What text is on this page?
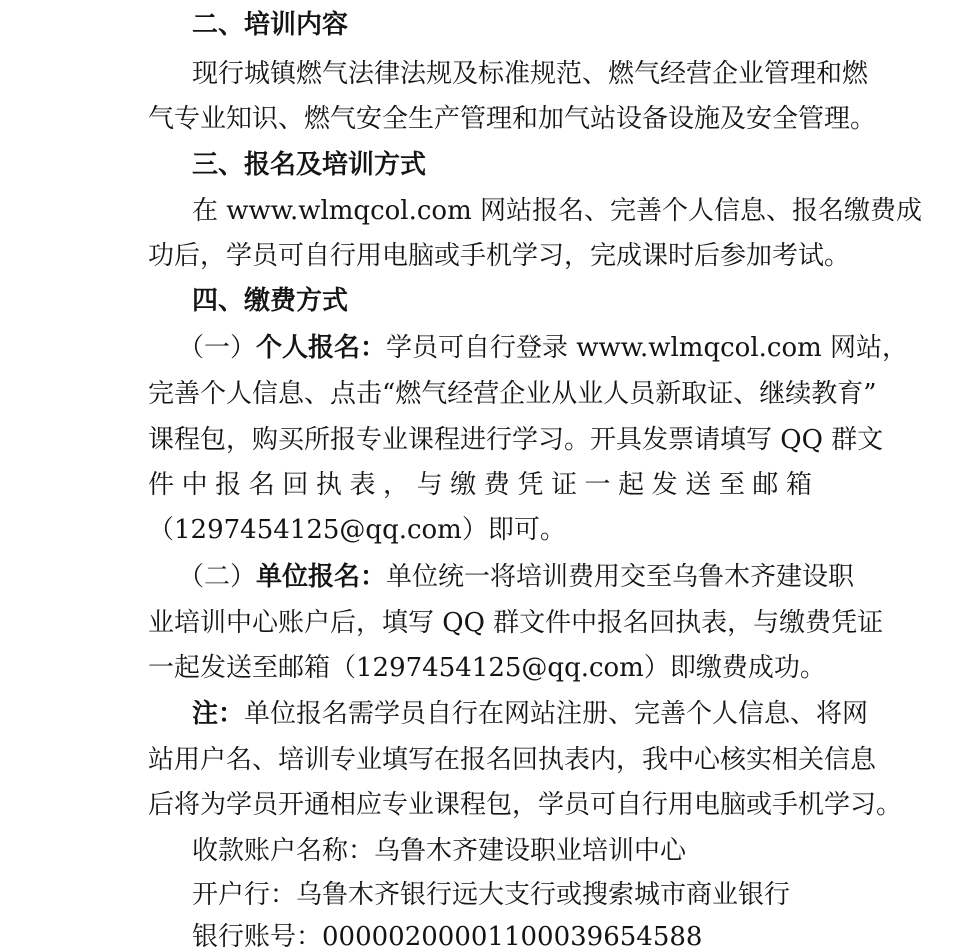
二、培训内容

现行城镇燃气法律法规及标准规范、燃气经营企业管理和燃

气专业知识、燃气安全生产管理和加气站设备设施及安全管理。

三、报名及培训方式

在 www.wlmqcol.com 网站报名、完善个人信息、报名缴费成

功后，学员可自行用电脑或手机学习，完成课时后参加考试。

四、缴费方式

（一）个人报名：学员可自行登录 www.wlmqcol.com 网站，

完善个人信息、点击“燃气经营企业从业人员新取证、继续教育”

课程包，购买所报专业课程进行学习。开具发票请填写 QQ 群文

件中报名回执表，与缴费凭证一起发送至邮箱

（1297454125@qq.com）即可。

（二）单位报名：单位统一将培训费用交至乌鲁木齐建设职

业培训中心账户后，填写 QQ 群文件中报名回执表，与缴费凭证

一起发送至邮箱（1297454125@qq.com）即缴费成功。

注：单位报名需学员自行在网站注册、完善个人信息、将网

站用户名、培训专业填写在报名回执表内，我中心核实相关信息

后将为学员开通相应专业课程包，学员可自行用电脑或手机学习。

收款账户名称：乌鲁木齐建设职业培训中心

开户行：乌鲁木齐银行远大支行或搜索城市商业银行

银行账号：00000200001100039654588
